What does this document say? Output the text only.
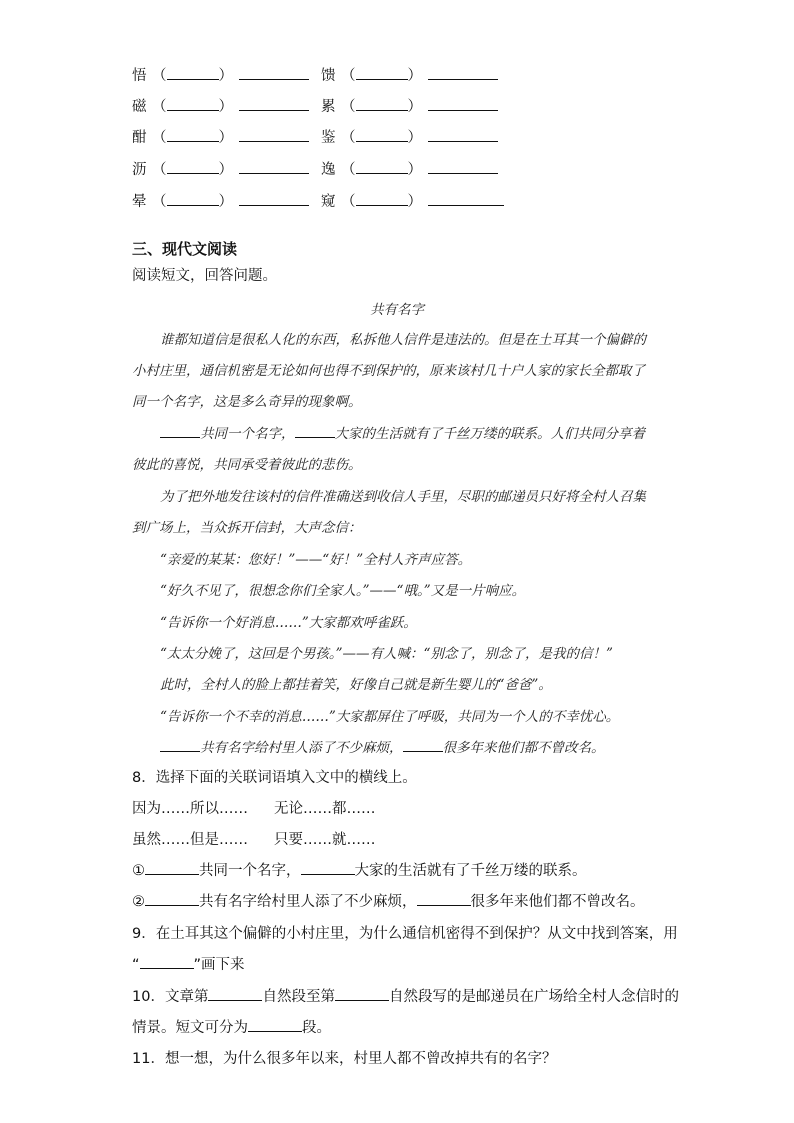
悟 （	）	馈 （	）
磁 （	）	累 （	）
酣 （	）	鉴 （	）
沥 （	）	逸 （	）
晕 （	）	窥 （	）
三、现代文阅读
阅读短文，回答问题。
共有名字
谁都知道信是很私人化的东西，私拆他人信件是违法的。但是在土耳其一个偏僻的
小村庄里，通信机密是无论如何也得不到保护的，原来该村几十户人家的家长全都取了
同一个名字，这是多么奇异的现象啊。
共同一个名字，	大家的生活就有了千丝万缕的联系。人们共同分享着
彼此的喜悦，共同承受着彼此的悲伤。
为了把外地发往该村的信件准确送到收信人手里，尽职的邮递员只好将全村人召集
到广场上，当众拆开信封，大声念信：
“亲爱的某某：您好！”——“好！”全村人齐声应答。
“好久不见了，很想念你们全家人。”——“哦。”又是一片响应。
“告诉你一个好消息……”大家都欢呼雀跃。
“太太分娩了，这回是个男孩。”——有人喊：“别念了，别念了，是我的信！”
此时，全村人的脸上都挂着笑，好像自己就是新生婴儿的“爸爸”。
“告诉你一个不幸的消息……”大家都屏住了呼吸，共同为一个人的不幸忧心。
共有名字给村里人添了不少麻烦，	很多年来他们都不曾改名。
8．选择下面的关联词语填入文中的横线上。
因为……所以…… 无论……都……
虽然……但是…… 只要……就……
①	共同一个名字，	大家的生活就有了千丝万缕的联系。
②	共有名字给村里人添了不少麻烦，	很多年来他们都不曾改名。
9．在土耳其这个偏僻的小村庄里，为什么通信机密得不到保护？从文中找到答案，用
“	”画下来
10．文章第	自然段至第	自然段写的是邮递员在广场给全村人念信时的
情景。短文可分为	段。
11．想一想，为什么很多年以来，村里人都不曾改掉共有的名字？
